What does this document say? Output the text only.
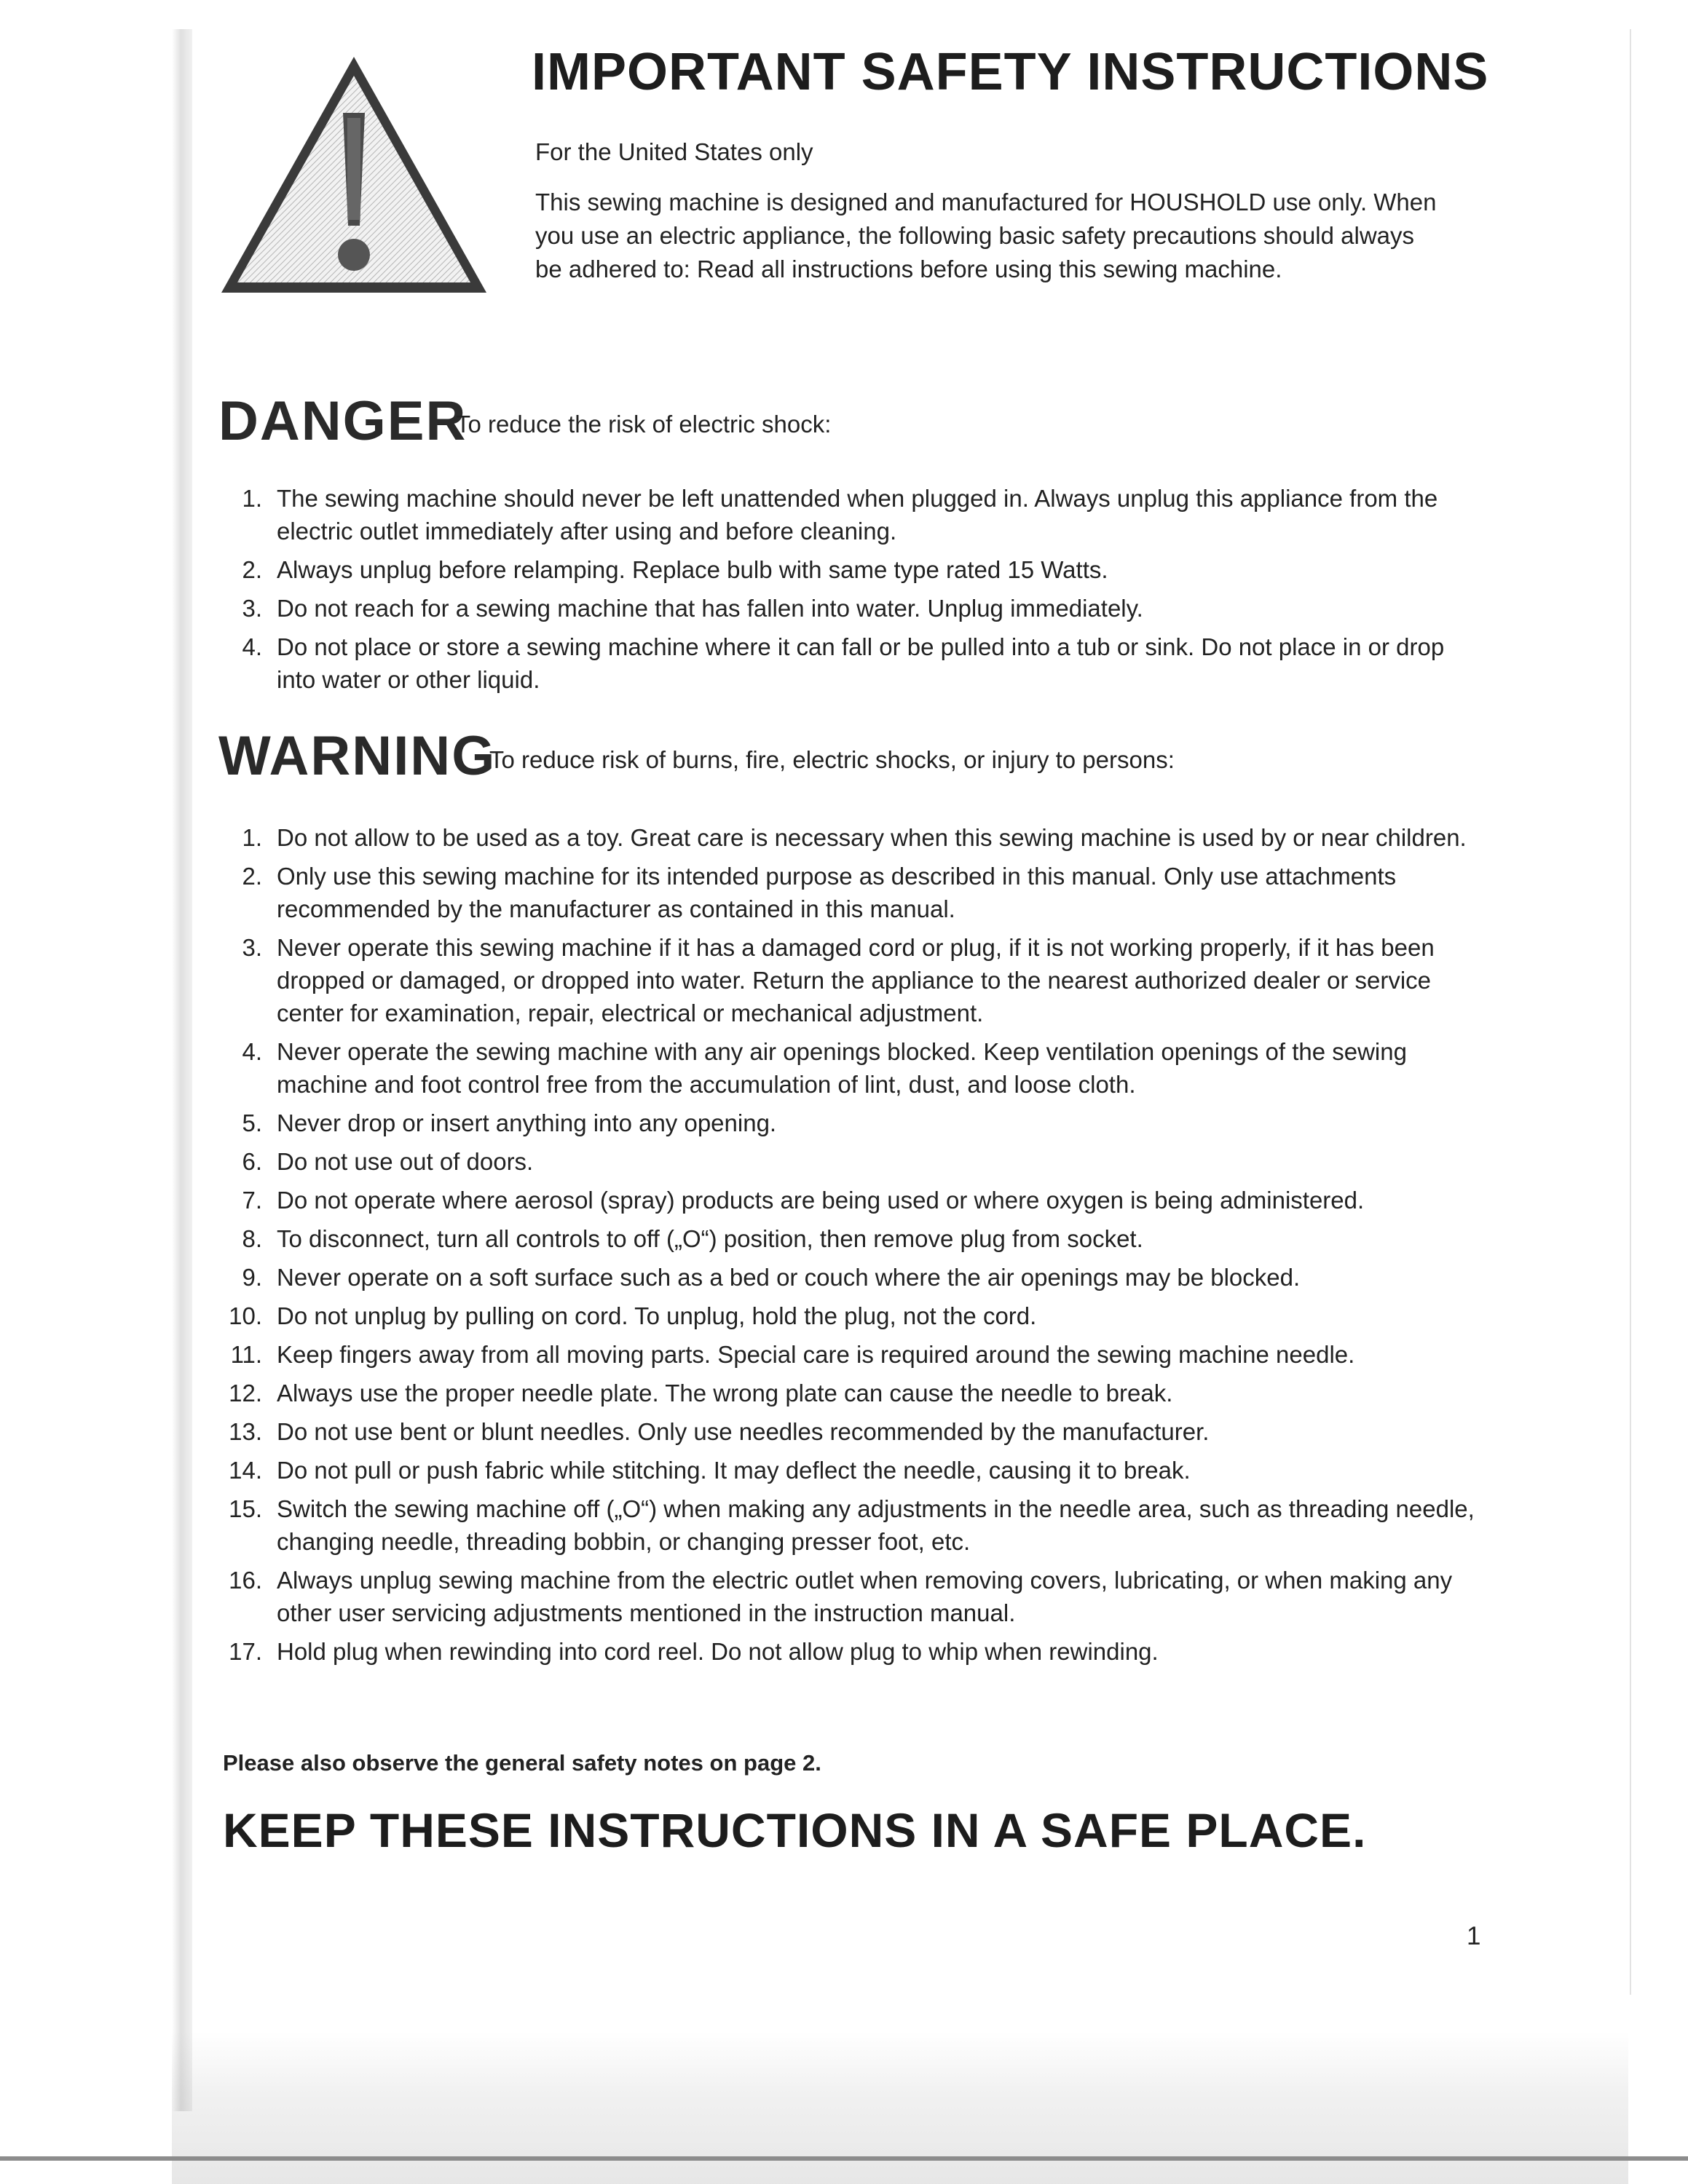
IMPORTANT SAFETY INSTRUCTIONS
For the United States only
This sewing machine is designed and manufactured for HOUSHOLD use only. When
you use an electric appliance, the following basic safety precautions should always
be adhered to: Read all instructions before using this sewing machine.
DANGER
To reduce the risk of electric shock:
1. The sewing machine should never be left unattended when plugged in. Always unplug this appliance from the electric outlet immediately after using and before cleaning.
2. Always unplug before relamping. Replace bulb with same type rated 15 Watts.
3. Do not reach for a sewing machine that has fallen into water. Unplug immediately.
4. Do not place or store a sewing machine where it can fall or be pulled into a tub or sink. Do not place in or drop into water or other liquid.
WARNING
To reduce risk of burns, fire, electric shocks, or injury to persons:
1. Do not allow to be used as a toy. Great care is necessary when this sewing machine is used by or near children.
2. Only use this sewing machine for its intended purpose as described in this manual. Only use attachments recommended by the manufacturer as contained in this manual.
3. Never operate this sewing machine if it has a damaged cord or plug, if it is not working properly, if it has been dropped or damaged, or dropped into water. Return the appliance to the nearest authorized dealer or service center for examination, repair, electrical or mechanical adjustment.
4. Never operate the sewing machine with any air openings blocked. Keep ventilation openings of the sewing machine and foot control free from the accumulation of lint, dust, and loose cloth.
5. Never drop or insert anything into any opening.
6. Do not use out of doors.
7. Do not operate where aerosol (spray) products are being used or where oxygen is being administered.
8. To disconnect, turn all controls to off („O“) position, then remove plug from socket.
9. Never operate on a soft surface such as a bed or couch where the air openings may be blocked.
10. Do not unplug by pulling on cord. To unplug, hold the plug, not the cord.
11. Keep fingers away from all moving parts. Special care is required around the sewing machine needle.
12. Always use the proper needle plate. The wrong plate can cause the needle to break.
13. Do not use bent or blunt needles. Only use needles recommended by the manufacturer.
14. Do not pull or push fabric while stitching. It may deflect the needle, causing it to break.
15. Switch the sewing machine off („O“) when making any adjustments in the needle area, such as threading needle, changing needle, threading bobbin, or changing presser foot, etc.
16. Always unplug sewing machine from the electric outlet when removing covers, lubricating, or when making any other user servicing adjustments mentioned in the instruction manual.
17. Hold plug when rewinding into cord reel. Do not allow plug to whip when rewinding.
Please also observe the general safety notes on page 2.
KEEP THESE INSTRUCTIONS IN A SAFE PLACE.
1
